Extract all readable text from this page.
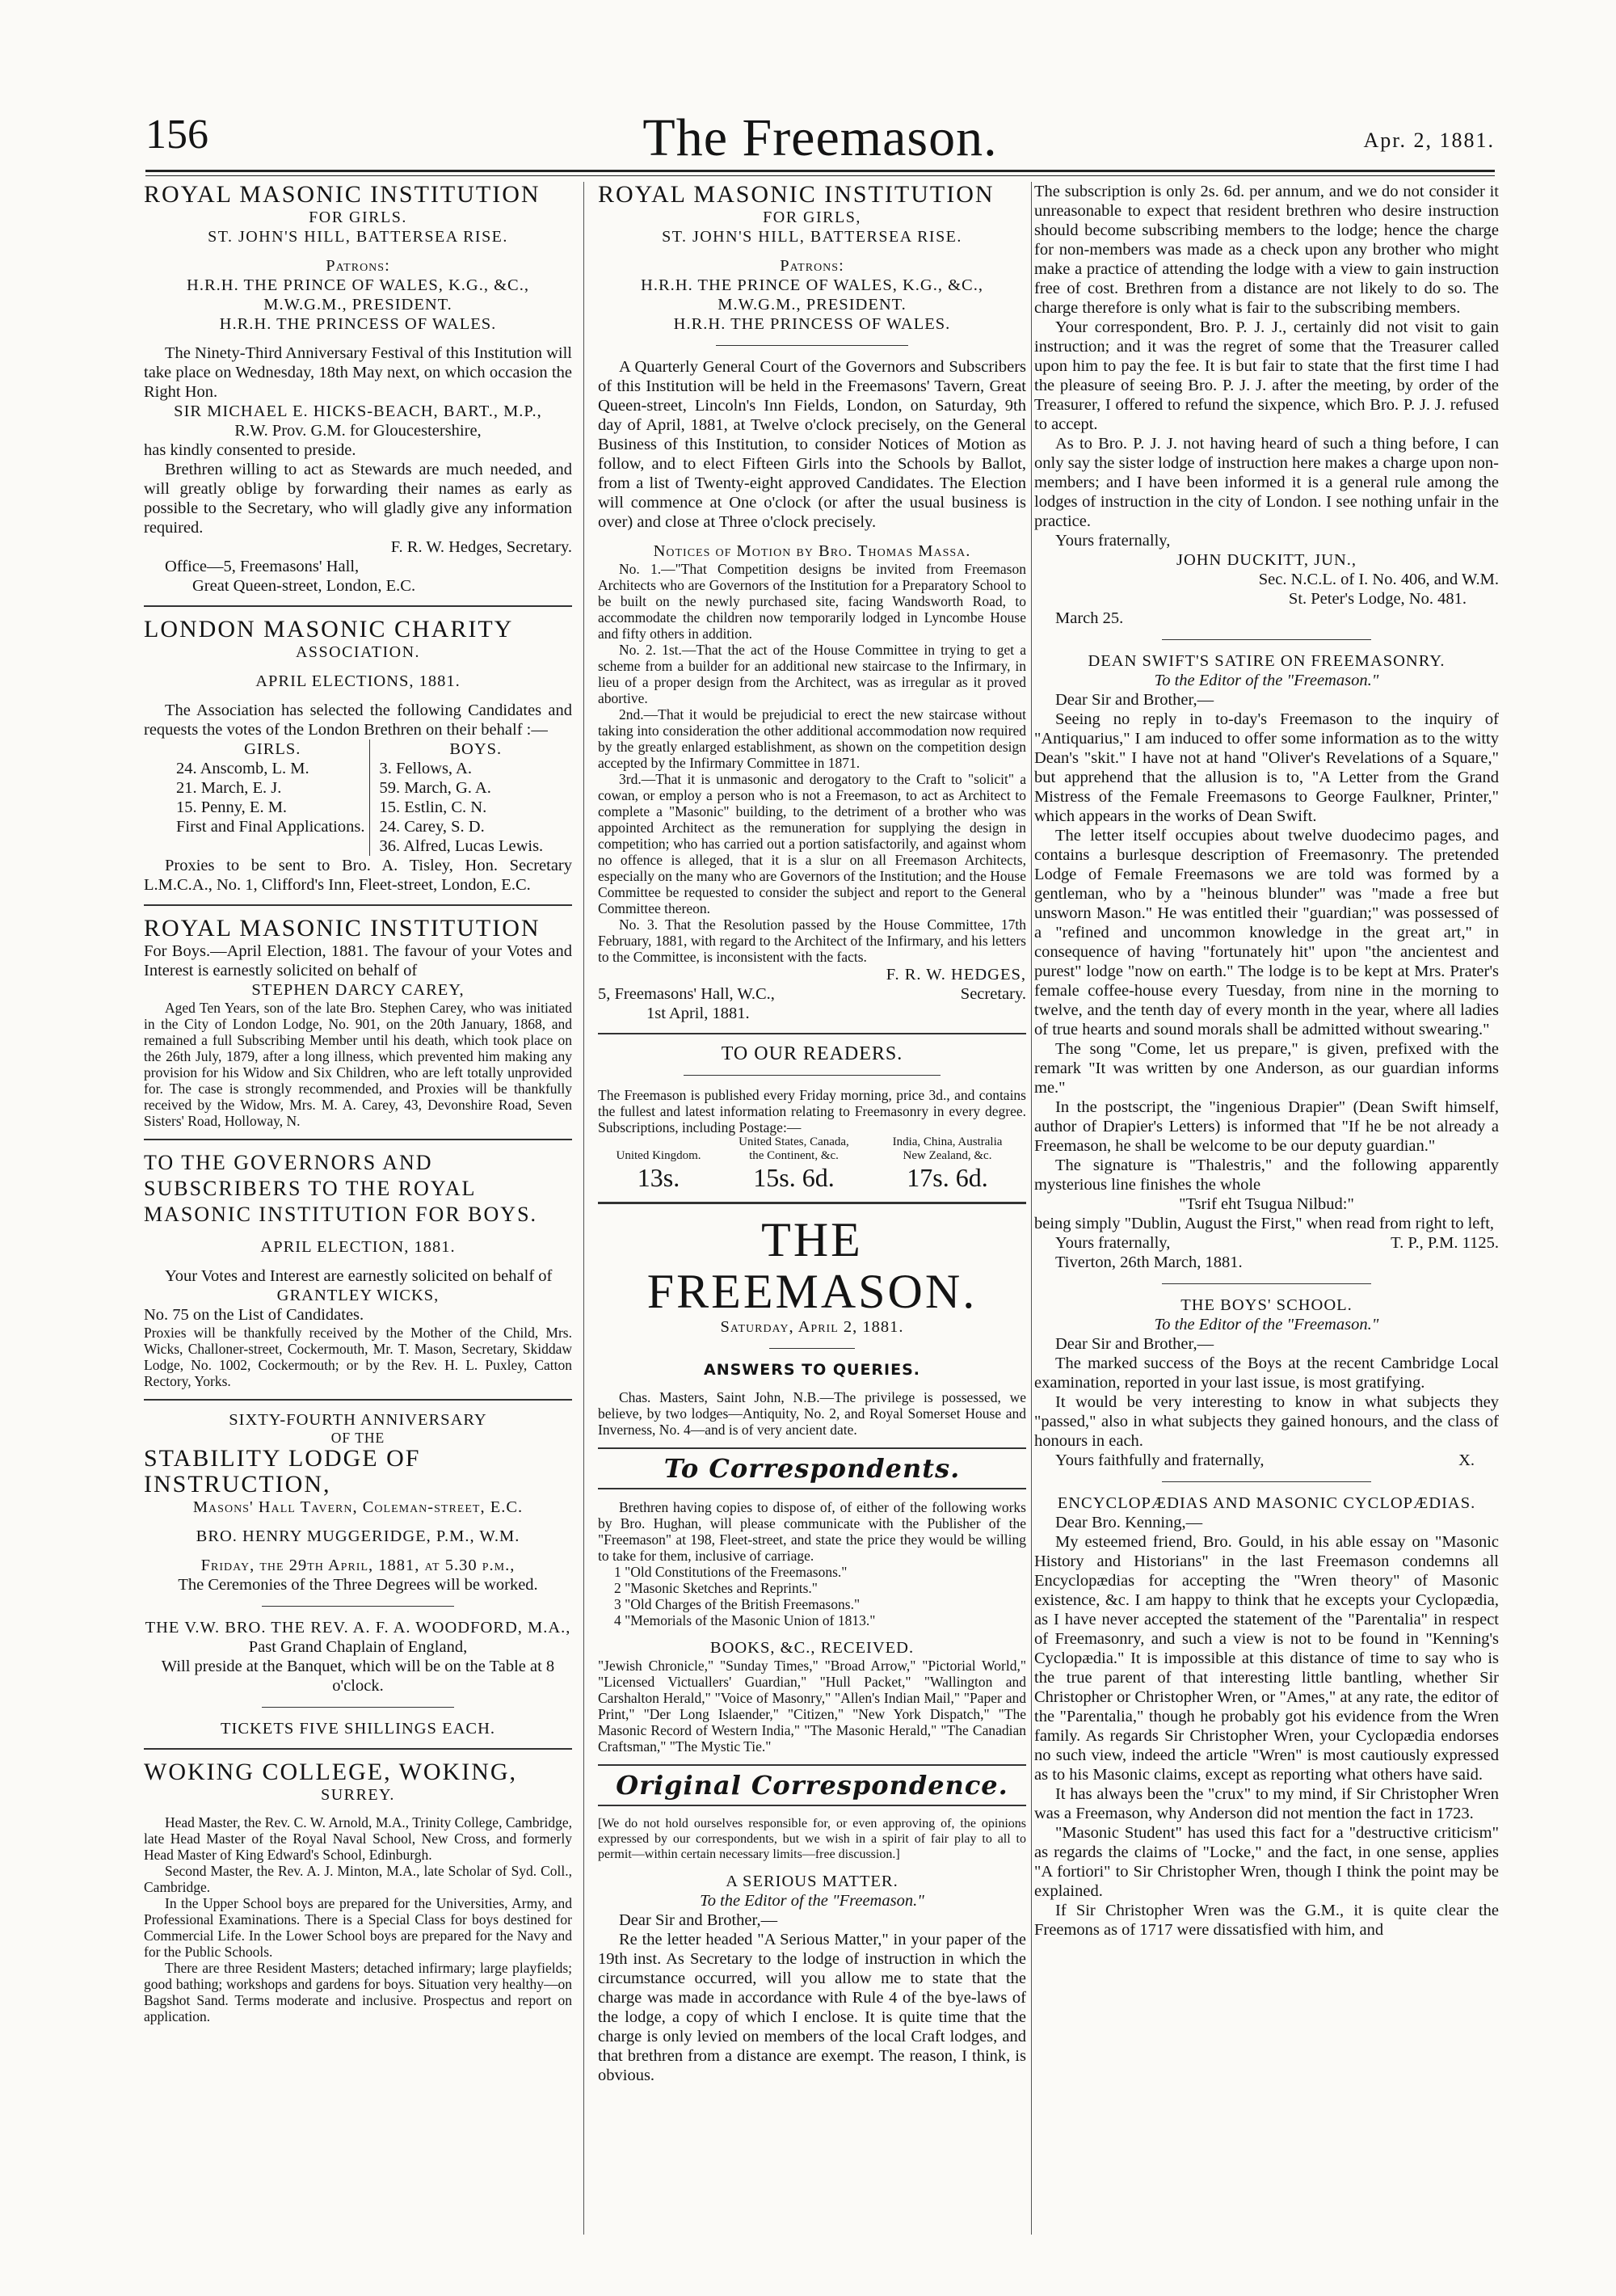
156	The Freemason.	Apr. 2, 1881.
ROYAL MASONIC INSTITUTION

FOR GIRLS.

ST. JOHN'S HILL, BATTERSEA RISE.

Patrons:

H.R.H. THE PRINCE OF WALES, K.G., &C.,

M.W.G.M., PRESIDENT.

H.R.H. THE PRINCESS OF WALES.

The Ninety-Third Anniversary Festival of this Institution will take place on Wednesday, 18th May next, on which occasion the Right Hon.

SIR MICHAEL E. HICKS-BEACH, BART., M.P.,

R.W. Prov. G.M. for Gloucestershire,

has kindly consented to preside.

Brethren willing to act as Stewards are much needed, and will greatly oblige by forwarding their names as early as possible to the Secretary, who will gladly give any information required.

F. R. W. Hedges, Secretary.

Office—5, Freemasons' Hall,

Great Queen-street, London, E.C.

LONDON MASONIC CHARITY

ASSOCIATION.

APRIL ELECTIONS, 1881.

The Association has selected the following Candidates and requests the votes of the London Brethren on their behalf :—

GIRLS.

24. Anscomb, L. M.

21. March, E. J.

15. Penny, E. M.

First and Final Applications.

BOYS.

3. Fellows, A.

59. March, G. A.

15. Estlin, C. N.

24. Carey, S. D.

36. Alfred, Lucas Lewis.

Proxies to be sent to Bro. A. Tisley, Hon. Secretary L.M.C.A., No. 1, Clifford's Inn, Fleet-street, London, E.C.

ROYAL MASONIC INSTITUTION

For Boys.—April Election, 1881. The favour of your Votes and Interest is earnestly solicited on behalf of

STEPHEN DARCY CAREY,

Aged Ten Years, son of the late Bro. Stephen Carey, who was initiated in the City of London Lodge, No. 901, on the 20th January, 1868, and remained a full Subscribing Member until his death, which took place on the 26th July, 1879, after a long illness, which prevented him making any provision for his Widow and Six Children, who are left totally unprovided for. The case is strongly recommended, and Proxies will be thankfully received by the Widow, Mrs. M. A. Carey, 43, Devonshire Road, Seven Sisters' Road, Holloway, N.

TO THE GOVERNORS AND SUBSCRIBERS TO THE ROYAL MASONIC INSTITUTION FOR BOYS.

APRIL ELECTION, 1881.

Your Votes and Interest are earnestly solicited on behalf of

GRANTLEY WICKS,

No. 75 on the List of Candidates.

Proxies will be thankfully received by the Mother of the Child, Mrs. Wicks, Challoner-street, Cockermouth, Mr. T. Mason, Secretary, Skiddaw Lodge, No. 1002, Cockermouth; or by the Rev. H. L. Puxley, Catton Rectory, Yorks.

SIXTY-FOURTH ANNIVERSARY

OF THE

STABILITY LODGE OF INSTRUCTION,

Masons' Hall Tavern, Coleman-street, E.C.

BRO. HENRY MUGGERIDGE, P.M., W.M.

Friday, the 29th April, 1881, at 5.30 p.m.,

The Ceremonies of the Three Degrees will be worked.

THE V.W. BRO. THE REV. A. F. A. WOODFORD, M.A.,

Past Grand Chaplain of England,

Will preside at the Banquet, which will be on the Table at 8 o'clock.

TICKETS FIVE SHILLINGS EACH.

WOKING COLLEGE, WOKING,

SURREY.

Head Master, the Rev. C. W. Arnold, M.A., Trinity College, Cambridge, late Head Master of the Royal Naval School, New Cross, and formerly Head Master of King Edward's School, Edinburgh.

Second Master, the Rev. A. J. Minton, M.A., late Scholar of Syd. Coll., Cambridge.

In the Upper School boys are prepared for the Universities, Army, and Professional Examinations. There is a Special Class for boys destined for Commercial Life. In the Lower School boys are prepared for the Navy and for the Public Schools.

There are three Resident Masters; detached infirmary; large playfields; good bathing; workshops and gardens for boys. Situation very healthy—on Bagshot Sand. Terms moderate and inclusive. Prospectus and report on application.

ROYAL MASONIC INSTITUTION

FOR GIRLS,

ST. JOHN'S HILL, BATTERSEA RISE.

Patrons:

H.R.H. THE PRINCE OF WALES, K.G., &C.,

M.W.G.M., PRESIDENT.

H.R.H. THE PRINCESS OF WALES.

A Quarterly General Court of the Governors and Subscribers of this Institution will be held in the Freemasons' Tavern, Great Queen-street, Lincoln's Inn Fields, London, on Saturday, 9th day of April, 1881, at Twelve o'clock precisely, on the General Business of this Institution, to consider Notices of Motion as follow, and to elect Fifteen Girls into the Schools by Ballot, from a list of Twenty-eight approved Candidates. The Election will commence at One o'clock (or after the usual business is over) and close at Three o'clock precisely.

Notices of Motion by Bro. Thomas Massa.

No. 1.—"That Competition designs be invited from Freemason Architects who are Governors of the Institution for a Preparatory School to be built on the newly purchased site, facing Wandsworth Road, to accommodate the children now temporarily lodged in Lyncombe House and fifty others in addition.

No. 2. 1st.—That the act of the House Committee in trying to get a scheme from a builder for an additional new staircase to the Infirmary, in lieu of a proper design from the Architect, was as irregular as it proved abortive.

2nd.—That it would be prejudicial to erect the new staircase without taking into consideration the other additional accommodation now required by the greatly enlarged establishment, as shown on the competition design accepted by the Infirmary Committee in 1871.

3rd.—That it is unmasonic and derogatory to the Craft to "solicit" a cowan, or employ a person who is not a Freemason, to act as Architect to complete a "Masonic" building, to the detriment of a brother who was appointed Architect as the remuneration for supplying the design in competition; who has carried out a portion satisfactorily, and against whom no offence is alleged, that it is a slur on all Freemason Architects, especially on the many who are Governors of the Institution; and the House Committee be requested to consider the subject and report to the General Committee thereon.

No. 3. That the Resolution passed by the House Committee, 17th February, 1881, with regard to the Architect of the Infirmary, and his letters to the Committee, is inconsistent with the facts.

F. R. W. HEDGES,

5, Freemasons' Hall, W.C.,	Secretary.

1st April, 1881.

TO OUR READERS.

The Freemason is published every Friday morning, price 3d., and contains the fullest and latest information relating to Freemasonry in every degree. Subscriptions, including Postage:—

United Kingdom.
13s.
United States, Canada, the Continent, &c.
15s. 6d.
India, China, Australia New Zealand, &c.
17s. 6d.
THE FREEMASON.

Saturday, April 2, 1881.

ANSWERS TO QUERIES.

Chas. Masters, Saint John, N.B.—The privilege is possessed, we believe, by two lodges—Antiquity, No. 2, and Royal Somerset House and Inverness, No. 4—and is of very ancient date.

To Correspondents.

Brethren having copies to dispose of, of either of the following works by Bro. Hughan, will please communicate with the Publisher of the "Freemason" at 198, Fleet-street, and state the price they would be willing to take for them, inclusive of carriage.

1 "Old Constitutions of the Freemasons."

2 "Masonic Sketches and Reprints."

3 "Old Charges of the British Freemasons."

4 "Memorials of the Masonic Union of 1813."

BOOKS, &C., RECEIVED.

"Jewish Chronicle," "Sunday Times," "Broad Arrow," "Pictorial World," "Licensed Victuallers' Guardian," "Hull Packet," "Wallington and Carshalton Herald," "Voice of Masonry," "Allen's Indian Mail," "Paper and Print," "Der Long Islaender," "Citizen," "New York Dispatch," "The Masonic Record of Western India," "The Masonic Herald," "The Canadian Craftsman," "The Mystic Tie."

Original Correspondence.

[We do not hold ourselves responsible for, or even approving of, the opinions expressed by our correspondents, but we wish in a spirit of fair play to all to permit—within certain necessary limits—free discussion.]

A SERIOUS MATTER.

To the Editor of the "Freemason."

Dear Sir and Brother,—

Re the letter headed "A Serious Matter," in your paper of the 19th inst. As Secretary to the lodge of instruction in which the circumstance occurred, will you allow me to state that the charge was made in accordance with Rule 4 of the bye-laws of the lodge, a copy of which I enclose. It is quite time that the charge is only levied on members of the local Craft lodges, and that brethren from a distance are exempt. The reason, I think, is obvious.

The subscription is only 2s. 6d. per annum, and we do not consider it unreasonable to expect that resident brethren who desire instruction should become subscribing members to the lodge; hence the charge for non-members was made as a check upon any brother who might make a practice of attending the lodge with a view to gain instruction free of cost. Brethren from a distance are not likely to do so. The charge therefore is only what is fair to the subscribing members.

Your correspondent, Bro. P. J. J., certainly did not visit to gain instruction; and it was the regret of some that the Treasurer called upon him to pay the fee. It is but fair to state that the first time I had the pleasure of seeing Bro. P. J. J. after the meeting, by order of the Treasurer, I offered to refund the sixpence, which Bro. P. J. J. refused to accept.

As to Bro. P. J. J. not having heard of such a thing before, I can only say the sister lodge of instruction here makes a charge upon non-members; and I have been informed it is a general rule among the lodges of instruction in the city of London. I see nothing unfair in the practice.

Yours fraternally,

JOHN DUCKITT, JUN.,

Sec. N.C.L. of I. No. 406, and W.M.

St. Peter's Lodge, No. 481.

March 25.

DEAN SWIFT'S SATIRE ON FREEMASONRY.

To the Editor of the "Freemason."

Dear Sir and Brother,—

Seeing no reply in to-day's Freemason to the inquiry of "Antiquarius," I am induced to offer some information as to the witty Dean's "skit." I have not at hand "Oliver's Revelations of a Square," but apprehend that the allusion is to, "A Letter from the Grand Mistress of the Female Freemasons to George Faulkner, Printer," which appears in the works of Dean Swift.

The letter itself occupies about twelve duodecimo pages, and contains a burlesque description of Freemasonry. The pretended Lodge of Female Freemasons we are told was formed by a gentleman, who by a "heinous blunder" was "made a free but unsworn Mason." He was entitled their "guardian;" was possessed of a "refined and uncommon knowledge in the great art," in consequence of having "fortunately hit" upon "the ancientest and purest" lodge "now on earth." The lodge is to be kept at Mrs. Prater's female coffee-house every Tuesday, from nine in the morning to twelve, and the tenth day of every month in the year, where all ladies of true hearts and sound morals shall be admitted without swearing."

The song "Come, let us prepare," is given, prefixed with the remark "It was written by one Anderson, as our guardian informs me."

In the postscript, the "ingenious Drapier" (Dean Swift himself, author of Drapier's Letters) is informed that "If he be not already a Freemason, he shall be welcome to be our deputy guardian."

The signature is "Thalestris," and the following apparently mysterious line finishes the whole

"Tsrif eht Tsugua Nilbud:"

being simply "Dublin, August the First," when read from right to left,

Yours fraternally,	T. P., P.M. 1125.

Tiverton, 26th March, 1881.

THE BOYS' SCHOOL.

To the Editor of the "Freemason."

Dear Sir and Brother,—

The marked success of the Boys at the recent Cambridge Local examination, reported in your last issue, is most gratifying.

It would be very interesting to know in what subjects they "passed," also in what subjects they gained honours, and the class of honours in each.

Yours faithfully and fraternally,	X.

ENCYCLOPÆDIAS AND MASONIC CYCLOPÆDIAS.

Dear Bro. Kenning,—

My esteemed friend, Bro. Gould, in his able essay on "Masonic History and Historians" in the last Freemason condemns all Encyclopædias for accepting the "Wren theory" of Masonic existence, &c. I am happy to think that he excepts your Cyclopædia, as I have never accepted the statement of the "Parentalia" in respect of Freemasonry, and such a view is not to be found in "Kenning's Cyclopædia." It is impossible at this distance of time to say who is the true parent of that interesting little bantling, whether Sir Christopher or Christopher Wren, or "Ames," at any rate, the editor of the "Parentalia," though he probably got his evidence from the Wren family. As regards Sir Christopher Wren, your Cyclopædia endorses no such view, indeed the article "Wren" is most cautiously expressed as to his Masonic claims, except as reporting what others have said.

It has always been the "crux" to my mind, if Sir Christopher Wren was a Freemason, why Anderson did not mention the fact in 1723.

"Masonic Student" has used this fact for a "destructive criticism" as regards the claims of "Locke," and the fact, in one sense, applies "A fortiori" to Sir Christopher Wren, though I think the point may be explained.

If Sir Christopher Wren was the G.M., it is quite clear the Freemons as of 1717 were dissatisfied with him, and
